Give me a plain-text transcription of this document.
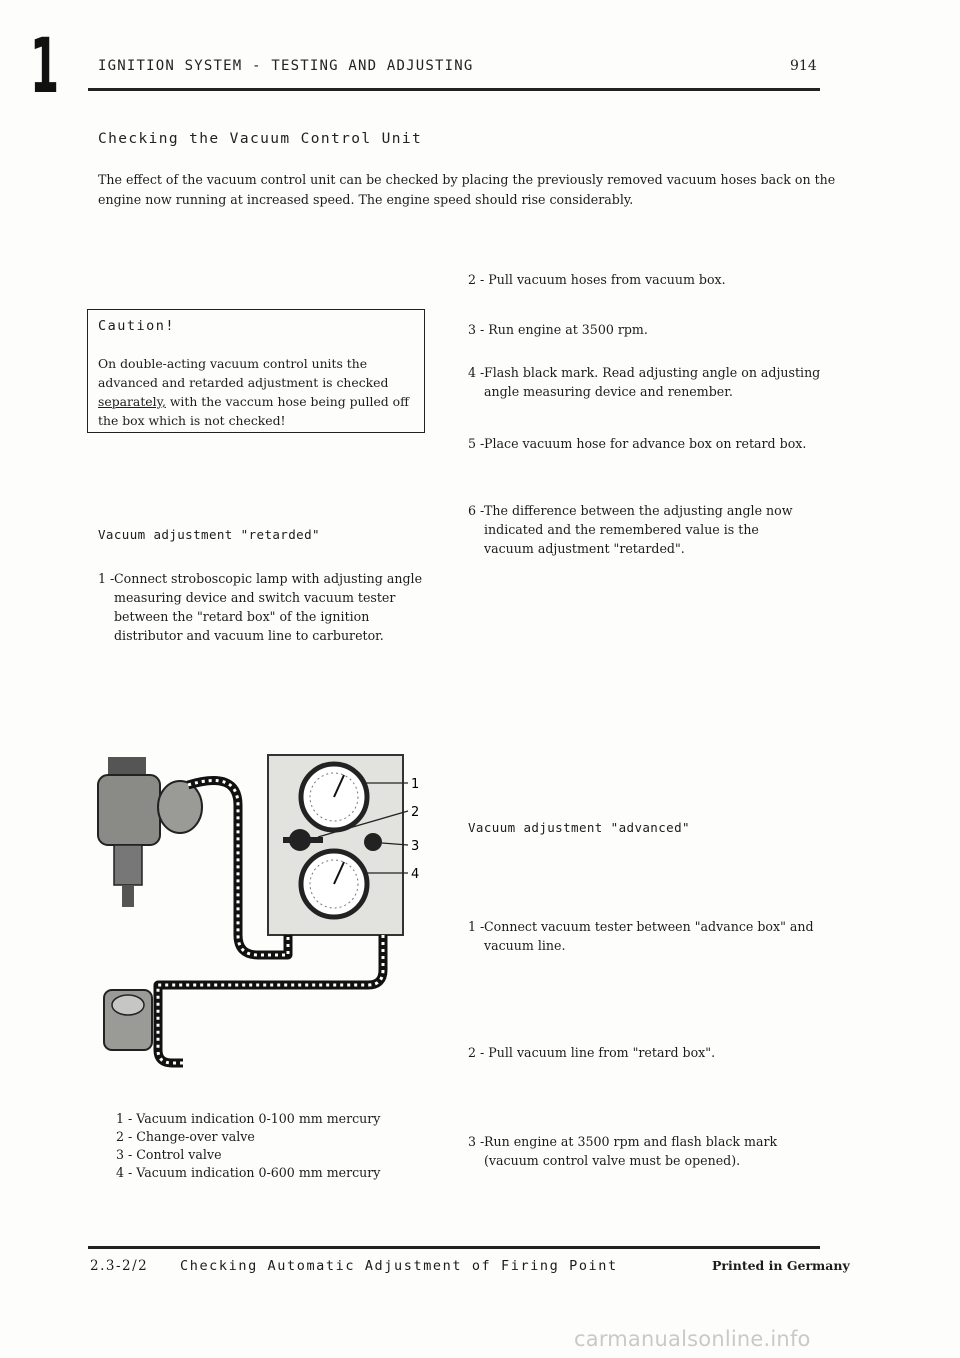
1	IGNITION SYSTEM - TESTING AND ADJUSTING	914
Checking the Vacuum Control Unit
The effect of the vacuum control unit can be checked by placing the previously removed vacuum hoses back on the engine now running at increased speed. The engine speed should rise considerably.
Caution!
On double-acting vacuum control units the advanced and retarded adjustment is checked separately, with the vaccum hose being pulled off the box which is not checked!
Vacuum adjustment "retarded"
1 - Connect stroboscopic lamp with adjusting angle measuring device and switch vacuum tester between the "retard box" of the ignition distributor and vacuum line to carburetor.
2 - Pull vacuum hoses from vacuum box.
3 - Run engine at 3500 rpm.
4 - Flash black mark. Read adjusting angle on adjusting angle measuring device and renember.
5 - Place vacuum hose for advance box on retard box.
6 - The difference between the adjusting angle now indicated and the remembered value is the vacuum adjustment "retarded".
1
2
3
4
1 - Vacuum indication 0-100 mm mercury
2 - Change-over valve
3 - Control valve
4 - Vacuum indication 0-600 mm mercury
Vacuum adjustment "advanced"
1 - Connect vacuum tester between "advance box" and vacuum line.
2 - Pull vacuum line from "retard box".
3 - Run engine at 3500 rpm and flash black mark (vacuum control valve must be opened).
2.3-2/2 Checking Automatic Adjustment of Firing Point	Printed in Germany
carmanualsonline.info
